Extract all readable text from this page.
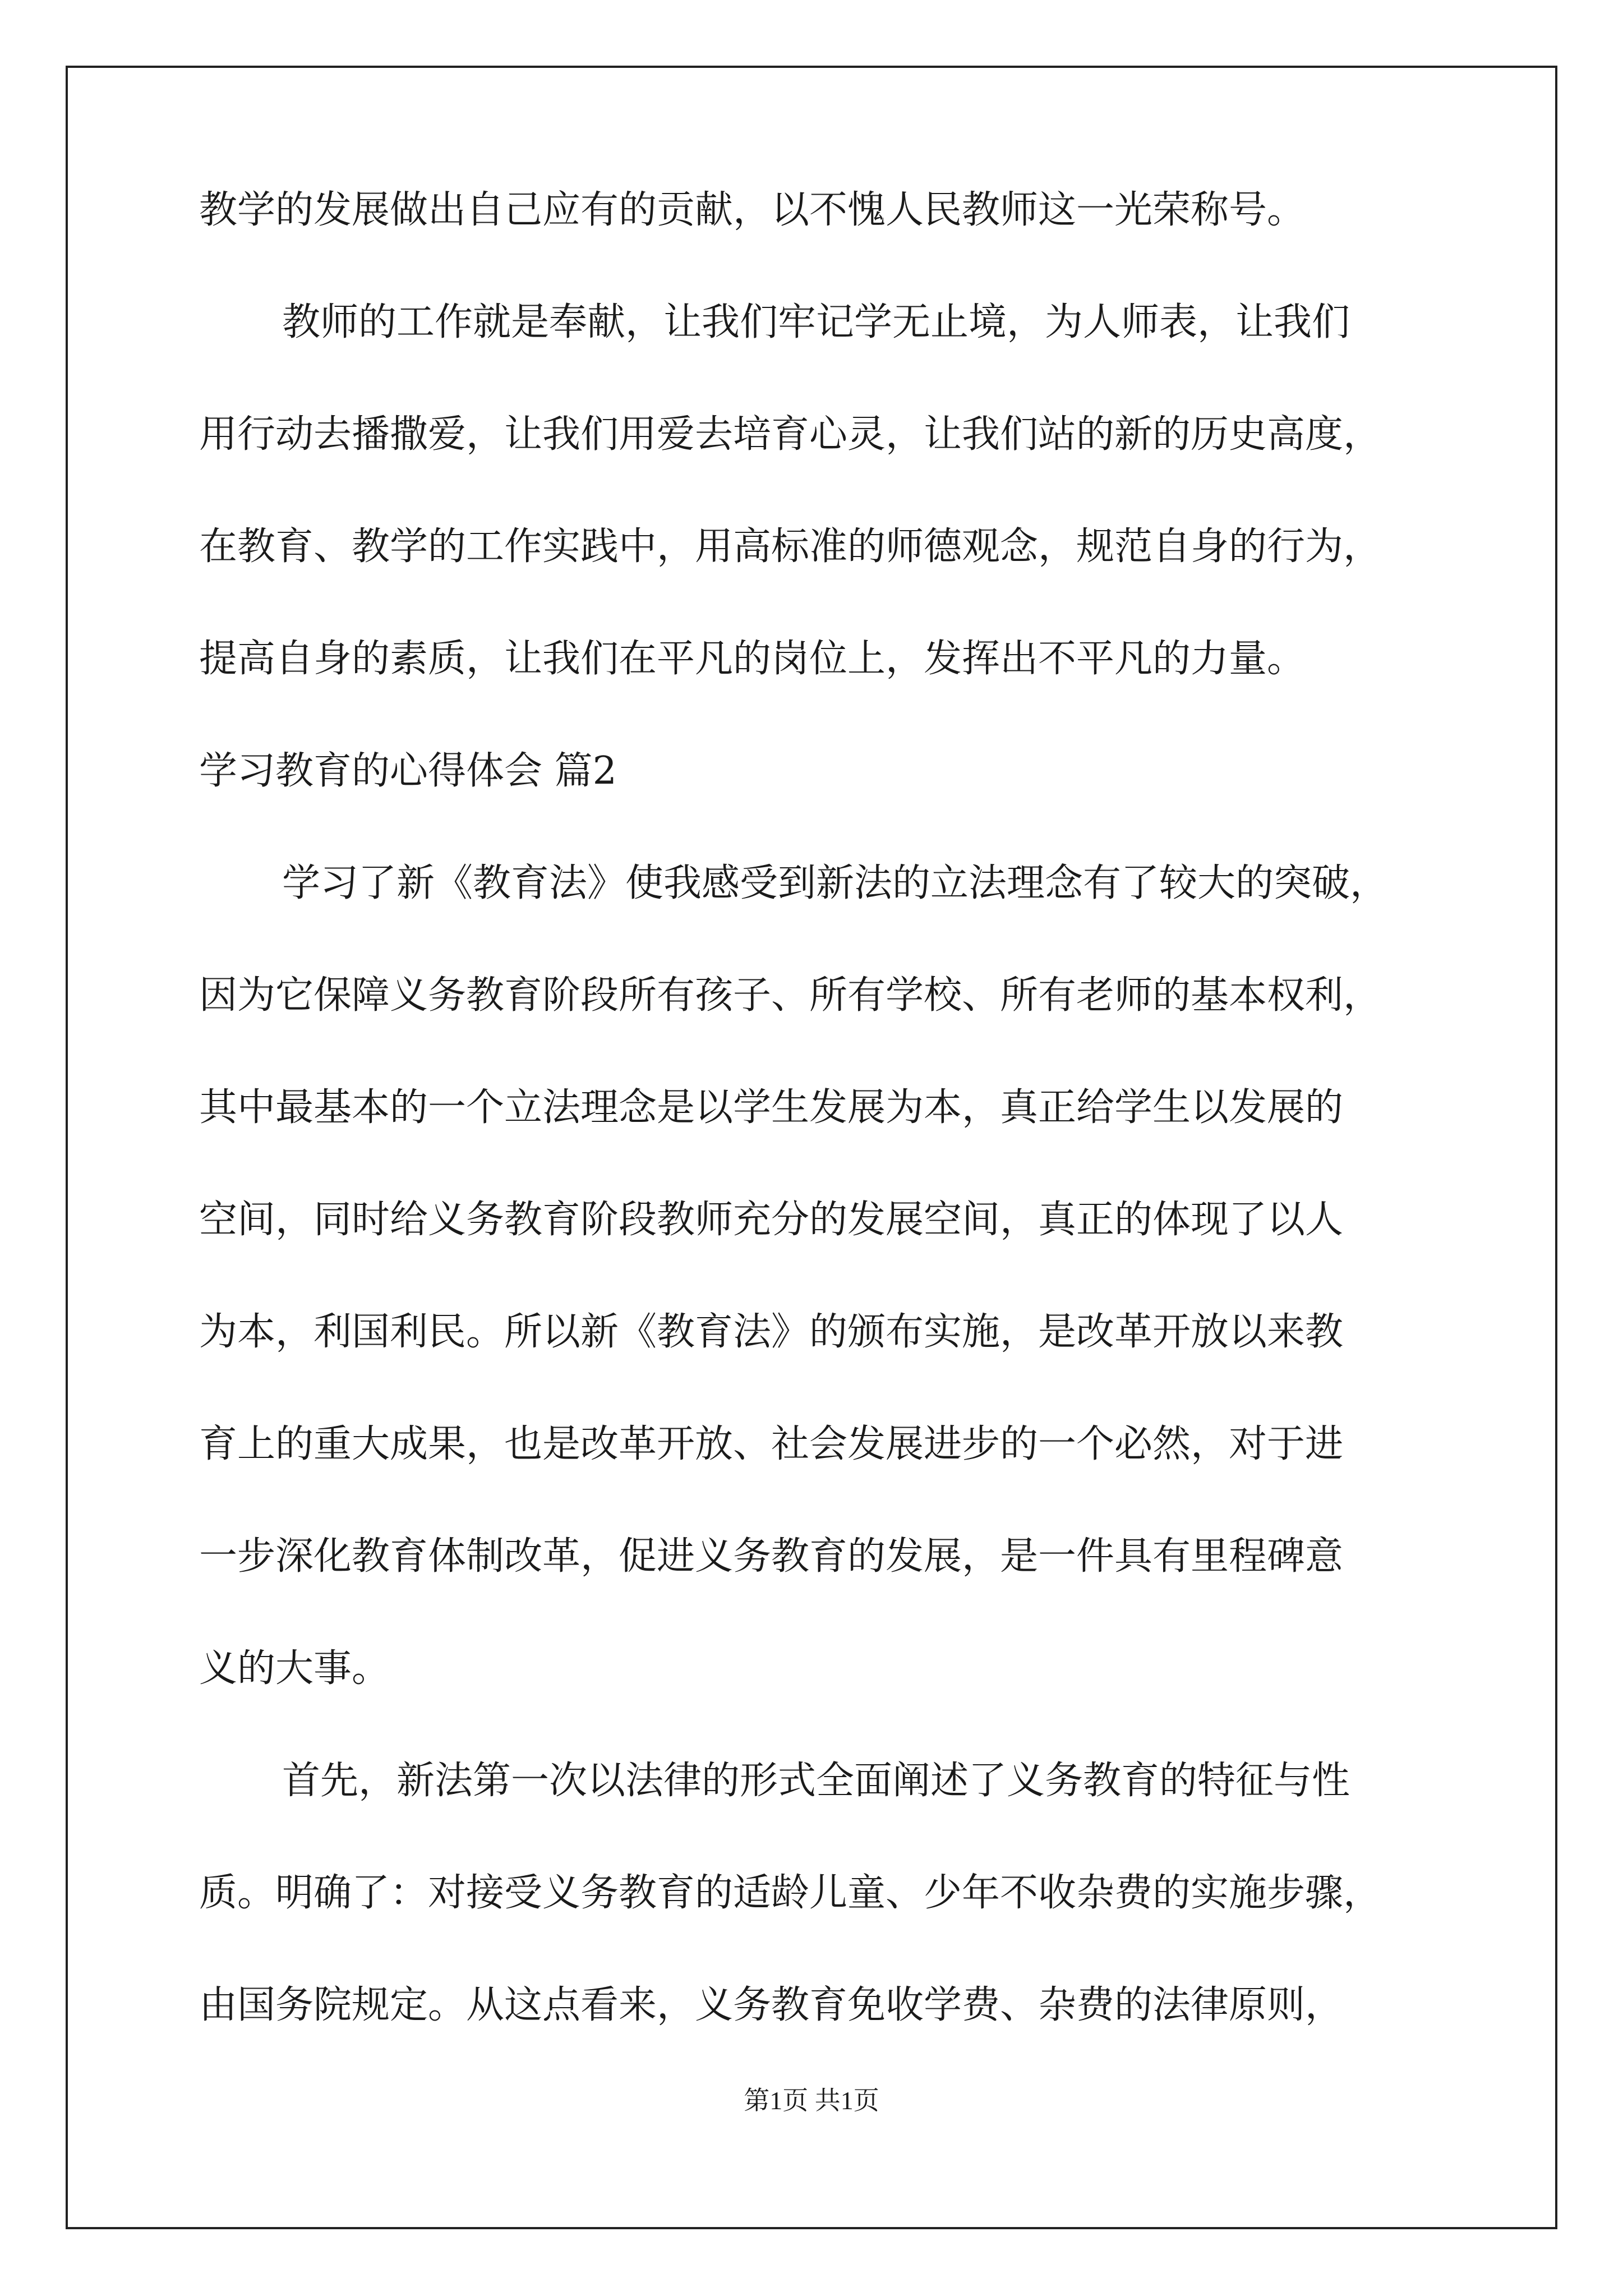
教学的发展做出自己应有的贡献，以不愧人民教师这一光荣称号。
教师的工作就是奉献，让我们牢记学无止境，为人师表，让我们
用行动去播撒爱，让我们用爱去培育心灵，让我们站的新的历史高度，
在教育、教学的工作实践中，用高标准的师德观念，规范自身的行为，
提高自身的素质，让我们在平凡的岗位上，发挥出不平凡的力量。
学习教育的心得体会 篇2
学习了新《教育法》使我感受到新法的立法理念有了较大的突破，
因为它保障义务教育阶段所有孩子、所有学校、所有老师的基本权利，
其中最基本的一个立法理念是以学生发展为本，真正给学生以发展的
空间，同时给义务教育阶段教师充分的发展空间，真正的体现了以人
为本，利国利民。所以新《教育法》的颁布实施，是改革开放以来教
育上的重大成果，也是改革开放、社会发展进步的一个必然，对于进
一步深化教育体制改革，促进义务教育的发展，是一件具有里程碑意
义的大事。
首先，新法第一次以法律的形式全面阐述了义务教育的特征与性
质。明确了：对接受义务教育的适龄儿童、少年不收杂费的实施步骤，
由国务院规定。从这点看来，义务教育免收学费、杂费的法律原则，
第1页 共1页
